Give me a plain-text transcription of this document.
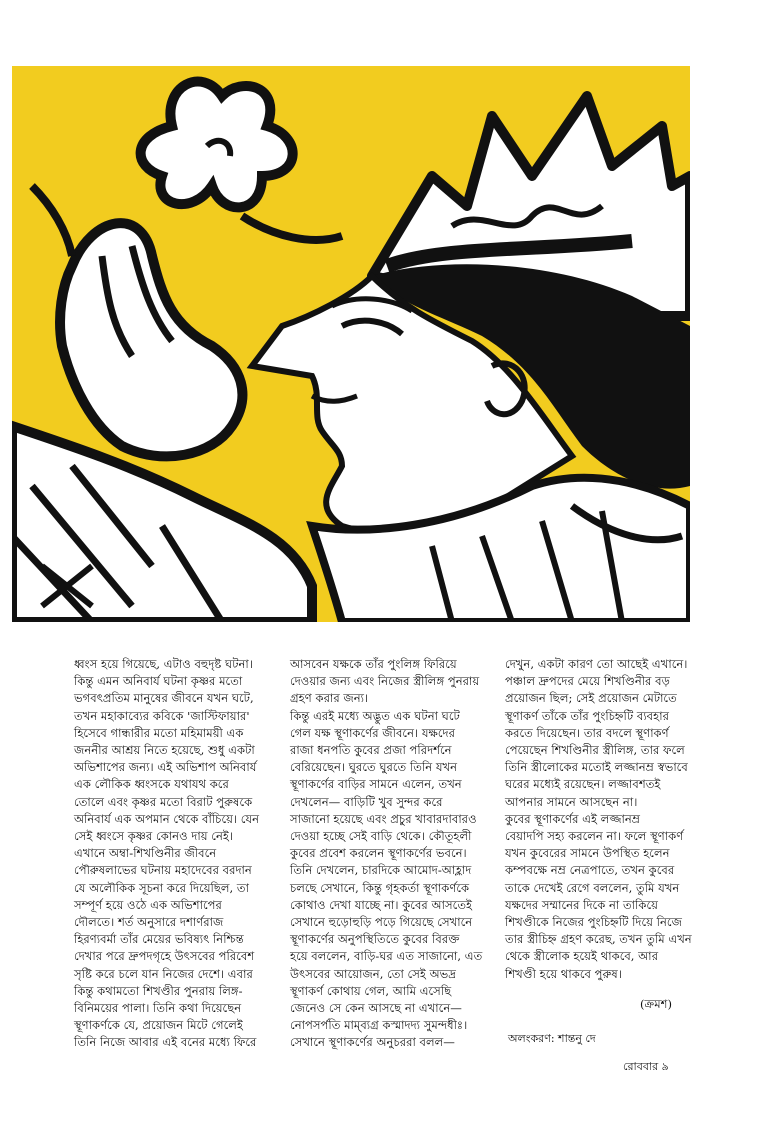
ধ্বংস হয়ে গিয়েছে, এটাও বহুদৃষ্ট ঘটনা।
কিন্তু এমন অনিবার্য ঘটনা কৃষ্ণর মতো
ভগবৎপ্রতিম মানুষের জীবনে যখন ঘটে,
তখন মহাকাব্যের কবিকে 'জাস্টিফায়ার'
হিসেবে গান্ধারীর মতো মহিমাময়ী এক
জননীর আশ্রয় নিতে হয়েছে, শুধু একটা
অভিশাপের জন্য। এই অভিশাপ অনিবার্য
এক লৌকিক ধ্বংসকে যথাযথ করে
তোলে এবং কৃষ্ণর মতো বিরাট পুরুষকে
অনিবার্য এক অপমান থেকে বাঁচিয়ে। যেন
সেই ধ্বংসে কৃষ্ণর কোনও দায় নেই।
এখানে অম্বা-শিখণ্ডিনীর জীবনে
পৌরুষলাভের ঘটনায় মহাদেবের বরদান
যে অলৌকিক সূচনা করে দিয়েছিল, তা
সম্পূর্ণ হয়ে ওঠে এক অভিশাপের
দৌলতে। শর্ত অনুসারে দশার্ণরাজ
হিরণ্যবর্মা তাঁর মেয়ের ভবিষ্যৎ নিশ্চিন্ত
দেখার পরে দ্রুপদগৃহে উৎসবের পরিবেশ
সৃষ্টি করে চলে যান নিজের দেশে। এবার
কিন্তু কথামতো শিখণ্ডীর পুনরায় লিঙ্গ-
বিনিময়ের পালা। তিনি কথা দিয়েছেন
স্থূণাকর্ণকে যে, প্রয়োজন মিটে গেলেই
তিনি নিজে আবার এই বনের মধ্যে ফিরে

আসবেন যক্ষকে তাঁর পুংলিঙ্গ ফিরিয়ে
দেওয়ার জন্য এবং নিজের স্ত্রীলিঙ্গ পুনরায়
গ্রহণ করার জন্য।
কিন্তু এরই মধ্যে অদ্ভুত এক ঘটনা ঘটে
গেল যক্ষ স্থূণাকর্ণের জীবনে। যক্ষদের
রাজা ধনপতি কুবের প্রজা পরিদর্শনে
বেরিয়েছেন। ঘুরতে ঘুরতে তিনি যখন
স্থূণাকর্ণের বাড়ির সামনে এলেন, তখন
দেখলেন— বাড়িটি খুব সুন্দর করে
সাজানো হয়েছে এবং প্রচুর খাবারদাবারও
দেওয়া হচ্ছে সেই বাড়ি থেকে। কৌতূহলী
কুবের প্রবেশ করলেন স্থূণাকর্ণের ভবনে।
তিনি দেখলেন, চারদিকে আমোদ-আহ্লাদ
চলছে সেখানে, কিন্তু গৃহকর্তা স্থূণাকর্ণকে
কোথাও দেখা যাচ্ছে না। কুবের আসতেই
সেখানে হুড়োহুড়ি পড়ে গিয়েছে সেখানে
স্থূণাকর্ণের অনুপস্থিতিতে কুবের বিরক্ত
হয়ে বললেন, বাড়ি-ঘর এত সাজানো, এত
উৎসবের আয়োজন, তো সেই অভদ্র
স্থূণাকর্ণ কোথায় গেল, আমি এসেছি
জেনেও সে কেন আসছে না এখানে—
নোপসর্পতি মাম্‌ব্যগ্র কস্মাদদ্য সুমন্দধীঃ।
সেখানে স্থূণাকর্ণের অনুচররা বলল—

দেখুন, একটা কারণ তো আছেই এখানে।
পঞ্চাল দ্রুপদের মেয়ে শিখণ্ডিনীর বড়
প্রয়োজন ছিল; সেই প্রয়োজন মেটাতে
স্থূণাকর্ণ তাঁকে তাঁর পুংচিহ্নটি ব্যবহার
করতে দিয়েছেন। তার বদলে স্থূণাকর্ণ
পেয়েছেন শিখণ্ডিনীর স্ত্রীলিঙ্গ, তার ফলে
তিনি স্ত্রীলোকের মতোই লজ্জানম্র স্বভাবে
ঘরের মধ্যেই রয়েছেন। লজ্জাবশতই
আপনার সামনে আসছেন না।
কুবের স্থূণাকর্ণের এই লজ্জানম্র
বেয়াদপি সহ্য করলেন না। ফলে স্থূণাকর্ণ
যখন কুবেরের সামনে উপস্থিত হলেন
কম্পবক্ষে নম্র নেত্রপাতে, তখন কুবের
তাকে দেখেই রেগে বললেন, তুমি যখন
যক্ষদের সম্মানের দিকে না তাকিয়ে
শিখণ্ডীকে নিজের পুংচিহ্নটি দিয়ে নিজে
তার স্ত্রীচিহ্ন গ্রহণ করেছ, তখন তুমি এখন
থেকে স্ত্রীলোক হয়েই থাকবে, আর
শিখণ্ডী হয়ে থাকবে পুরুষ।

(ক্রমশ)
অলংকরণ: শান্তনু দে
রোববার ৯
